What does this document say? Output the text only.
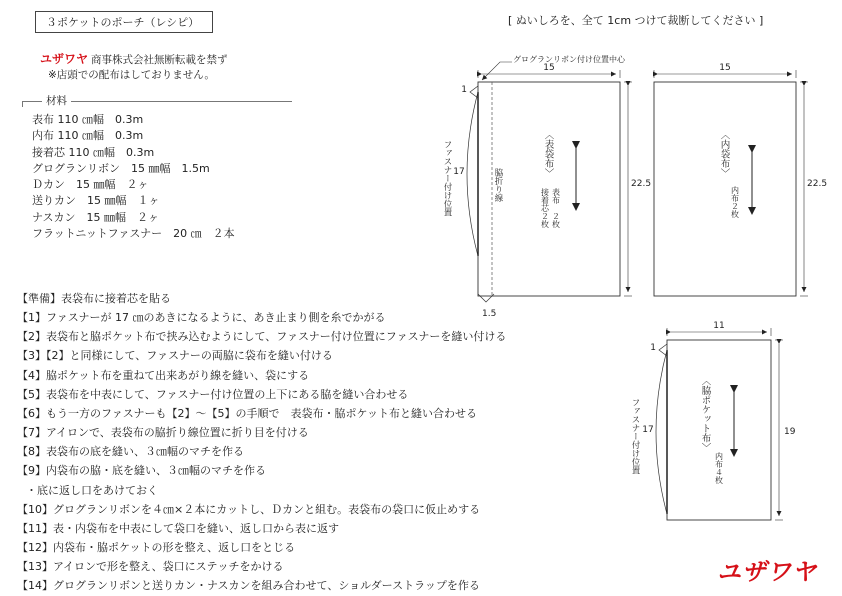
３ポケットのポーチ（レシピ）	[ ぬいしろを、全て 1cm つけて裁断してください ]
ユザワヤ 商事株式会社無断転載を禁ず
※店頭での配布はしておりません。
材料
表布 110 ㎝幅　0.3m
内布 110 ㎝幅　0.3m
接着芯 110 ㎝幅　0.3m
グログランリボン　15 ㎜幅　1.5m
Ｄカン　15 ㎜幅　２ヶ
送りカン　15 ㎜幅　１ヶ
ナスカン　15 ㎜幅　２ヶ
フラットニットファスナー　20 ㎝　２本
【準備】表袋布に接着芯を貼る
【1】ファスナーが 17 ㎝のあきになるように、あき止まり側を糸でかがる
【2】表袋布と脇ポケット布で挟み込むようにして、ファスナー付け位置にファスナーを縫い付ける
【3】【2】と同様にして、ファスナーの両脇に袋布を縫い付ける
【4】脇ポケット布を重ねて出来あがり線を縫い、袋にする
【5】表袋布を中表にして、ファスナー付け位置の上下にある脇を縫い合わせる
【6】もう一方のファスナーも【2】～【5】の手順で　表袋布・脇ポケット布と縫い合わせる
【7】アイロンで、表袋布の脇折り線位置に折り目を付ける
【8】表袋布の底を縫い、３㎝幅のマチを作る
【9】内袋布の脇・底を縫い、３㎝幅のマチを作る
・底に返し口をあけておく
【10】グログランリボンを４㎝×２本にカットし、Ｄカンと組む。表袋布の袋口に仮止めする
【11】表・内袋布を中表にして袋口を縫い、返し口から表に返す
【12】内袋布・脇ポケットの形を整え、返し口をとじる
【13】アイロンで形を整え、袋口にステッチをかける
【14】グログランリボンと送りカン・ナスカンを組み合わせて、ショルダーストラップを作る
グログランリボン付け位置中心
15
22.5
1
1.5
17
ファスナー付け位置	脇折り線
〈表袋布〉
表布　２枚
接着芯２枚
15
22.5
〈内袋布〉
内布２枚
11
19
1
17
ファスナー付け位置	〈脇ポケット布〉
内布４枚
ユザワヤ
